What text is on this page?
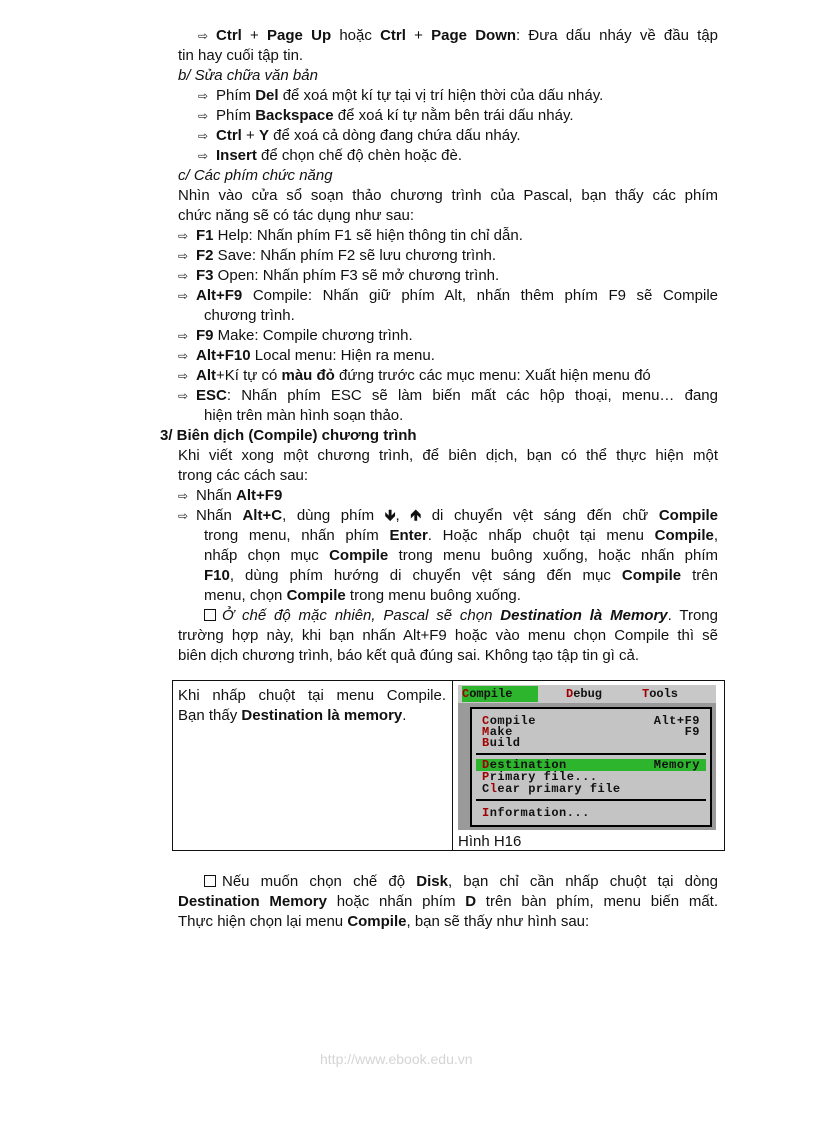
⇨ Ctrl + Page Up hoặc Ctrl + Page Down: Đưa dấu nháy về đầu tập
tin hay cuối tập tin.
b/ Sửa chữa văn bản
⇨ Phím Del để xoá một kí tự tại vị trí hiện thời của dấu nháy.
⇨ Phím Backspace để xoá kí tự nằm bên trái dấu nháy.
⇨ Ctrl + Y để xoá cả dòng đang chứa dấu nháy.
⇨ Insert để chọn chế độ chèn hoặc đè.
c/ Các phím chức năng
Nhìn vào cửa sổ soạn thảo chương trình của Pascal, bạn thấy các phím
chức năng sẽ có tác dụng như sau:
⇨ F1 Help: Nhấn phím F1 sẽ hiện thông tin chỉ dẫn.
⇨ F2 Save: Nhấn phím F2 sẽ lưu chương trình.
⇨ F3 Open: Nhấn phím F3 sẽ mở chương trình.
⇨ Alt+F9 Compile: Nhấn giữ phím Alt, nhấn thêm phím F9 sẽ Compile
chương trình.
⇨ F9 Make: Compile chương trình.
⇨ Alt+F10 Local menu: Hiện ra menu.
⇨ Alt+Kí tự có màu đỏ đứng trước các mục menu: Xuất hiện menu đó
⇨ ESC: Nhấn phím ESC sẽ làm biến mất các hộp thoại, menu… đang
hiện trên màn hình soạn thảo.
3/ Biên dịch (Compile) chương trình
Khi viết xong một chương trình, để biên dịch, bạn có thể thực hiện một
trong các cách sau:
⇨ Nhấn Alt+F9
⇨ Nhấn Alt+C, dùng phím 🡻, 🡹 di chuyển vệt sáng đến chữ Compile
trong menu, nhấn phím Enter. Hoặc nhấp chuột tại menu Compile,
nhấp chọn mục Compile trong menu buông xuống, hoặc nhấn phím
F10, dùng phím hướng di chuyển vệt sáng đến mục Compile trên
menu, chọn Compile trong menu buông xuống.
Ở chế độ mặc nhiên, Pascal sẽ chọn Destination là Memory. Trong
trường hợp này, khi bạn nhấn Alt+F9 hoặc vào menu chọn Compile thì sẽ
biên dịch chương trình, báo kết quả đúng sai. Không tạo tập tin gì cả.
Khi nhấp chuột tại menu Compile.
Bạn thấy Destination là memory.
Compile	Debug	Tools
Compile	Alt+F9
Make	F9
Build
Destination	Memory
Primary file...
Clear primary file
Information...
Hình H16
Nếu muốn chọn chế độ Disk, bạn chỉ cần nhấp chuột tại dòng
Destination Memory hoặc nhấn phím D trên bàn phím, menu biến mất.
Thực hiện chọn lại menu Compile, bạn sẽ thấy như hình sau:
http://www.ebook.edu.vn
